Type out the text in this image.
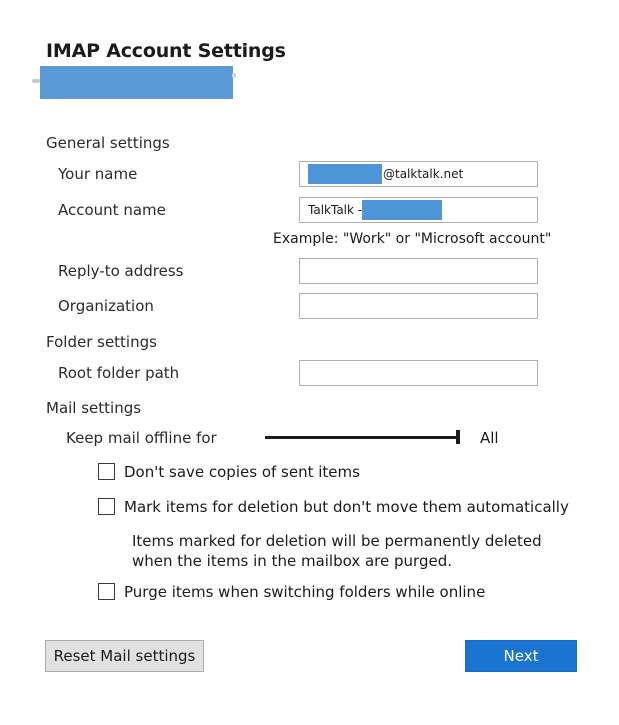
IMAP Account Settings
General settings
Your name	@talktalk.net
Account name	TalkTalk -
Example: "Work" or "Microsoft account"
Reply-to address
Organization
Folder settings
Root folder path
Mail settings
Keep mail offline for	All
Don't save copies of sent items
Mark items for deletion but don't move them automatically
Items marked for deletion will be permanently deleted
when the items in the mailbox are purged.
Purge items when switching folders while online
Reset Mail settings	Next
